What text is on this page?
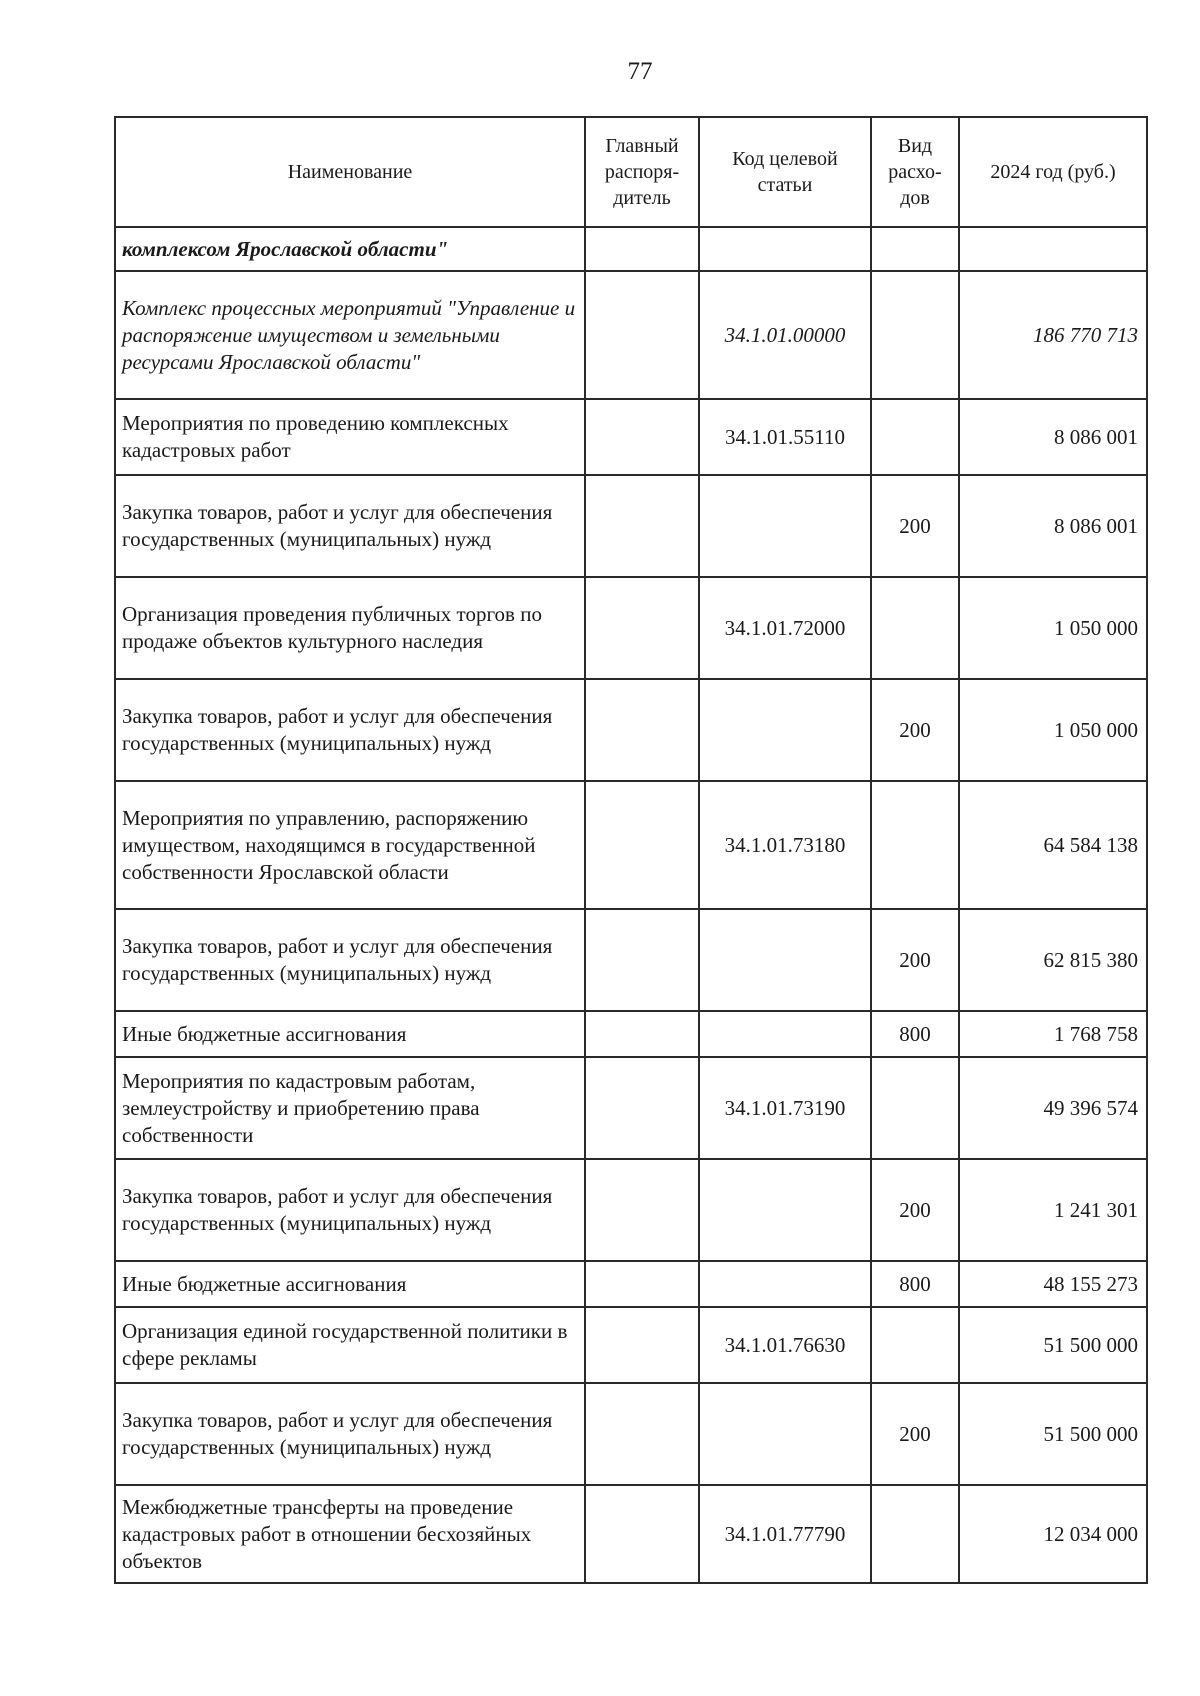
77
Наименование	Главный распоря-дитель	Код целевой статьи	Вид расхо-дов	2024 год (руб.)
комплексом Ярославской области"				
Комплекс процессных мероприятий "Управление и распоряжение имуществом и земельными ресурсами Ярославской области"		34.1.01.00000		186 770 713
Мероприятия по проведению комплексных кадастровых работ		34.1.01.55110		8 086 001
Закупка товаров, работ и услуг для обеспечения государственных (муниципальных) нужд			200	8 086 001
Организация проведения публичных торгов по продаже объектов культурного наследия		34.1.01.72000		1 050 000
Закупка товаров, работ и услуг для обеспечения государственных (муниципальных) нужд			200	1 050 000
Мероприятия по управлению, распоряжению имуществом, находящимся в государственной собственности Ярославской области		34.1.01.73180		64 584 138
Закупка товаров, работ и услуг для обеспечения государственных (муниципальных) нужд			200	62 815 380
Иные бюджетные ассигнования			800	1 768 758
Мероприятия по кадастровым работам, землеустройству и приобретению права собственности		34.1.01.73190		49 396 574
Закупка товаров, работ и услуг для обеспечения государственных (муниципальных) нужд			200	1 241 301
Иные бюджетные ассигнования			800	48 155 273
Организация единой государственной политики в сфере рекламы		34.1.01.76630		51 500 000
Закупка товаров, работ и услуг для обеспечения государственных (муниципальных) нужд			200	51 500 000
Межбюджетные трансферты на проведение кадастровых работ в отношении бесхозяйных объектов		34.1.01.77790		12 034 000
